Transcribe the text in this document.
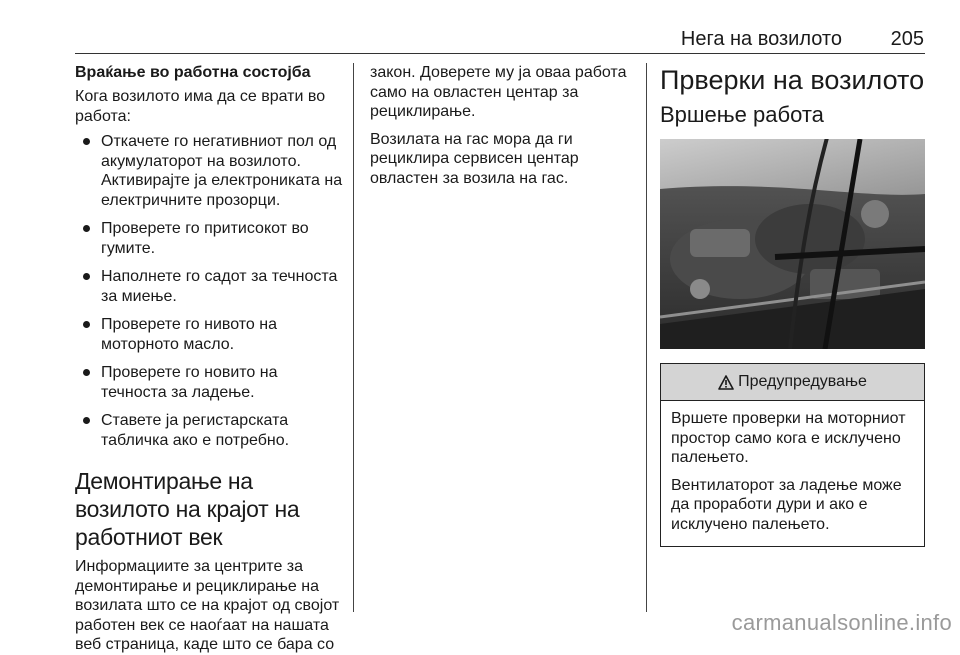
Нега на возилото 205
Враќање во работна состојба

Кога возилото има да се врати во работа:

Откачете го негативниот пол од акумулаторот на возилото. Активирајте ја електрониката на електричните прозорци.
Проверете го притисокот во гумите.
Наполнете го садот за течноста за миење.
Проверете го нивото на моторното масло.
Проверете го новито на течноста за ладење.
Ставете ја регистарската табличка ако е потребно.
Демонтирање на возилото на крајот на работниот век

Информациите за центрите за демонтирање и рециклирање на возилата што се на крајот од својот работен век се наоѓаат на нашата веб страница, каде што се бара со

закон. Доверете му ја оваа работа само на овластен центар за рециклирање.

Возилата на гас мора да ги рециклира сервисен центар овластен за возила на гас.

Прверки на возилото
Вршење работа
Предупредување

Вршете проверки на моторниот простор само кога е исклучено палењето.

Вентилаторот за ладење може да проработи дури и ако е исклучено палењето.

carmanualsonline.info
